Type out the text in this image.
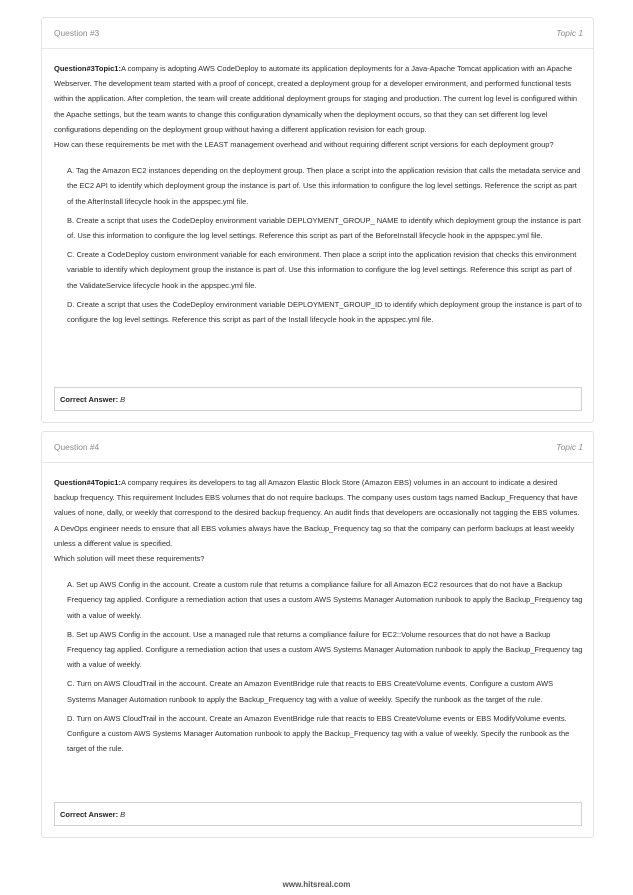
Question #3	Topic 1

Question#3Topic1:A company is adopting AWS CodeDeploy to automate its application deployments for a Java-Apache Tomcat application with an Apache Webserver. The development team started with a proof of concept, created a deployment group for a developer environment, and performed functional tests within the application. After completion, the team will create additional deployment groups for staging and production. The current log level is configured within the Apache settings, but the team wants to change this configuration dynamically when the deployment occurs, so that they can set different log level configurations depending on the deployment group without having a different application revision for each group.
How can these requirements be met with the LEAST management overhead and without requiring different script versions for each deployment group?

A. Tag the Amazon EC2 instances depending on the deployment group. Then place a script into the application revision that calls the metadata service and the EC2 API to identify which deployment group the instance is part of. Use this information to configure the log level settings. Reference the script as part of the AfterInstall lifecycle hook in the appspec.yml file.

B. Create a script that uses the CodeDeploy environment variable DEPLOYMENT_GROUP_ NAME to identify which deployment group the instance is part of. Use this information to configure the log level settings. Reference this script as part of the BeforeInstall lifecycle hook in the appspec.yml file.

C. Create a CodeDeploy custom environment variable for each environment. Then place a script into the application revision that checks this environment variable to identify which deployment group the instance is part of. Use this information to configure the log level settings. Reference this script as part of the ValidateService lifecycle hook in the appspec.yml file.

D. Create a script that uses the CodeDeploy environment variable DEPLOYMENT_GROUP_ID to identify which deployment group the instance is part of to configure the log level settings. Reference this script as part of the Install lifecycle hook in the appspec.yml file.

Correct Answer: B
Question #4	Topic 1

Question#4Topic1:A company requires its developers to tag all Amazon Elastic Block Store (Amazon EBS) volumes in an account to indicate a desired backup frequency. This requirement Includes EBS volumes that do not require backups. The company uses custom tags named Backup_Frequency that have values of none, dally, or weekly that correspond to the desired backup frequency. An audit finds that developers are occasionally not tagging the EBS volumes.
A DevOps engineer needs to ensure that all EBS volumes always have the Backup_Frequency tag so that the company can perform backups at least weekly unless a different value is specified.
Which solution will meet these requirements?

A. Set up AWS Config in the account. Create a custom rule that returns a compliance failure for all Amazon EC2 resources that do not have a Backup Frequency tag applied. Configure a remediation action that uses a custom AWS Systems Manager Automation runbook to apply the Backup_Frequency tag with a value of weekly.

B. Set up AWS Config in the account. Use a managed rule that returns a compliance failure for EC2::Volume resources that do not have a Backup Frequency tag applied. Configure a remediation action that uses a custom AWS Systems Manager Automation runbook to apply the Backup_Frequency tag with a value of weekly.

C. Turn on AWS CloudTrail in the account. Create an Amazon EventBridge rule that reacts to EBS CreateVolume events. Configure a custom AWS Systems Manager Automation runbook to apply the Backup_Frequency tag with a value of weekly. Specify the runbook as the target of the rule.

D. Turn on AWS CloudTrail in the account. Create an Amazon EventBridge rule that reacts to EBS CreateVolume events or EBS ModifyVolume events. Configure a custom AWS Systems Manager Automation runbook to apply the Backup_Frequency tag with a value of weekly. Specify the runbook as the target of the rule.

Correct Answer: B
www.hitsreal.com
